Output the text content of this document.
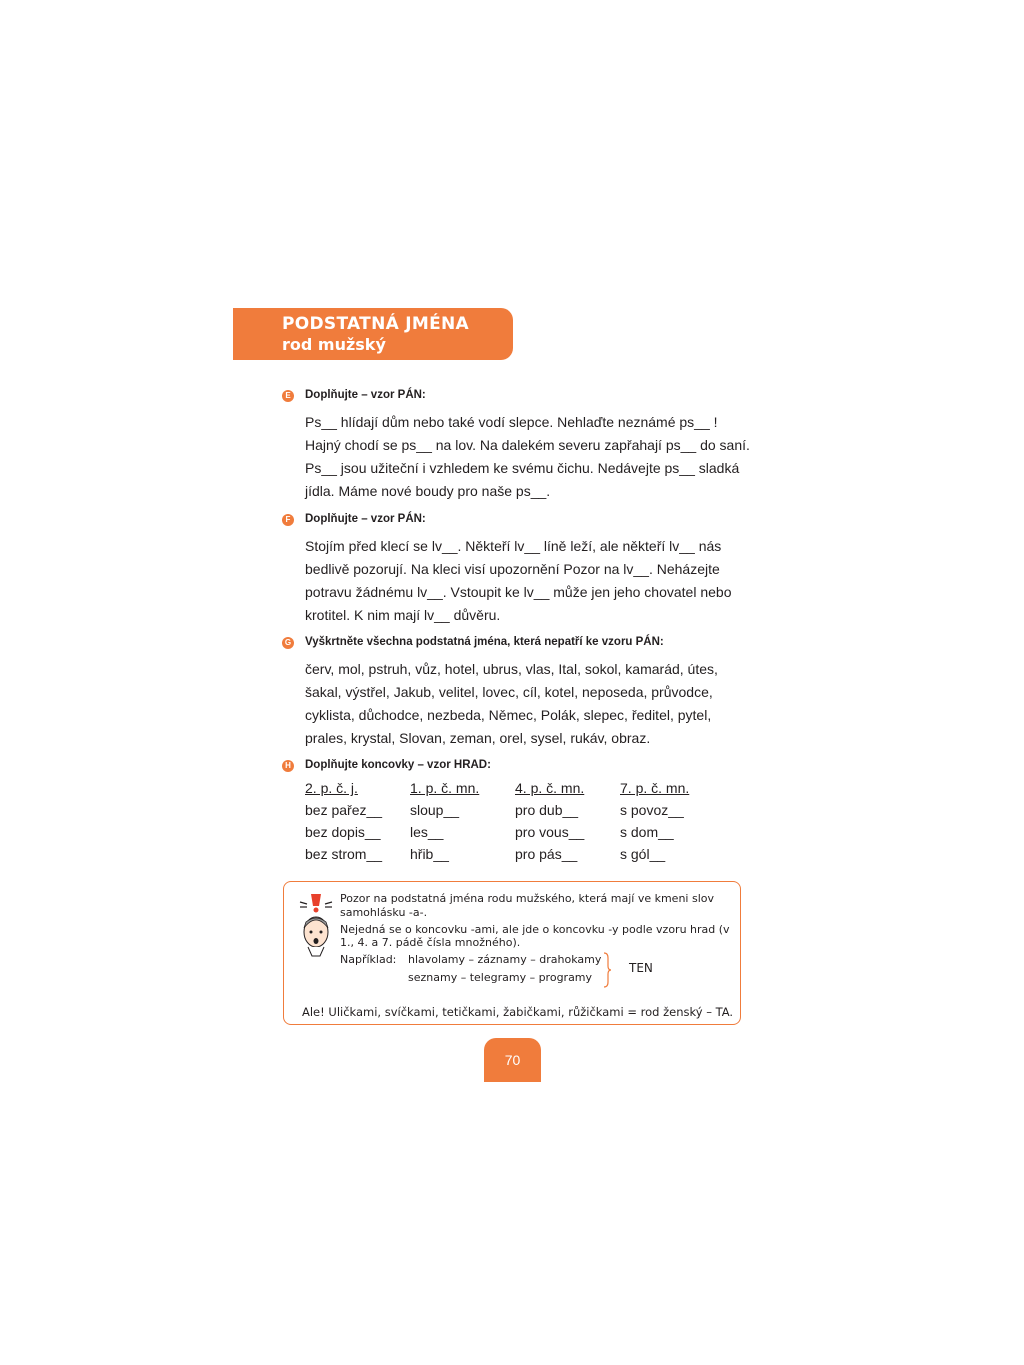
PODSTATNÁ JMÉNA
rod mužský
E Doplňujte – vzor PÁN:
Ps__ hlídají dům nebo také vodí slepce. Nehlaďte neznámé ps__ !
Hajný chodí se ps__ na lov. Na dalekém severu zapřahají ps__ do saní.
Ps__ jsou užiteční i vzhledem ke svému čichu. Nedávejte ps__ sladká
jídla. Máme nové boudy pro naše ps__.
F	Doplňujte – vzor PÁN:
Stojím před klecí se lv__. Někteří lv__ líně leží, ale někteří lv__ nás
bedlivě pozorují. Na kleci visí upozornění Pozor na lv__. Neházejte
potravu žádnému lv__. Vstoupit ke lv__ může jen jeho chovatel nebo
krotitel. K nim mají lv__ důvěru.
G Vyškrtněte všechna podstatná jména, která nepatří ke vzoru PÁN:
červ, mol, pstruh, vůz, hotel, ubrus, vlas, Ital, sokol, kamarád, útes,
šakal, výstřel, Jakub, velitel, lovec, cíl, kotel, neposeda, průvodce,
cyklista, důchodce, nezbeda, Němec, Polák, slepec, ředitel, pytel,
prales, krystal, Slovan, zeman, orel, sysel, rukáv, obraz.
H Doplňujte koncovky – vzor HRAD:
2. p. č. j.
bez pařez__
bez dopis__
bez strom__
1. p. č. mn.
sloup__
les__
hřib__
4. p. č. mn.
pro dub__
pro vous__
pro pás__
7. p. č. mn.
s povoz__
s dom__
s gól__
Pozor na podstatná jména rodu mužského, která mají ve kmeni slov
samohlásku -a-.
Nejedná se o koncovku -ami, ale jde o koncovku -y podle vzoru hrad (v 1., 4. a 7. pádě čísla množného).
Například: hlavolamy – záznamy – drahokamy
seznamy – telegramy – programy
TEN
Ale! Uličkami, svíčkami, tetičkami, žabičkami, růžičkami = rod ženský – TA.
70
